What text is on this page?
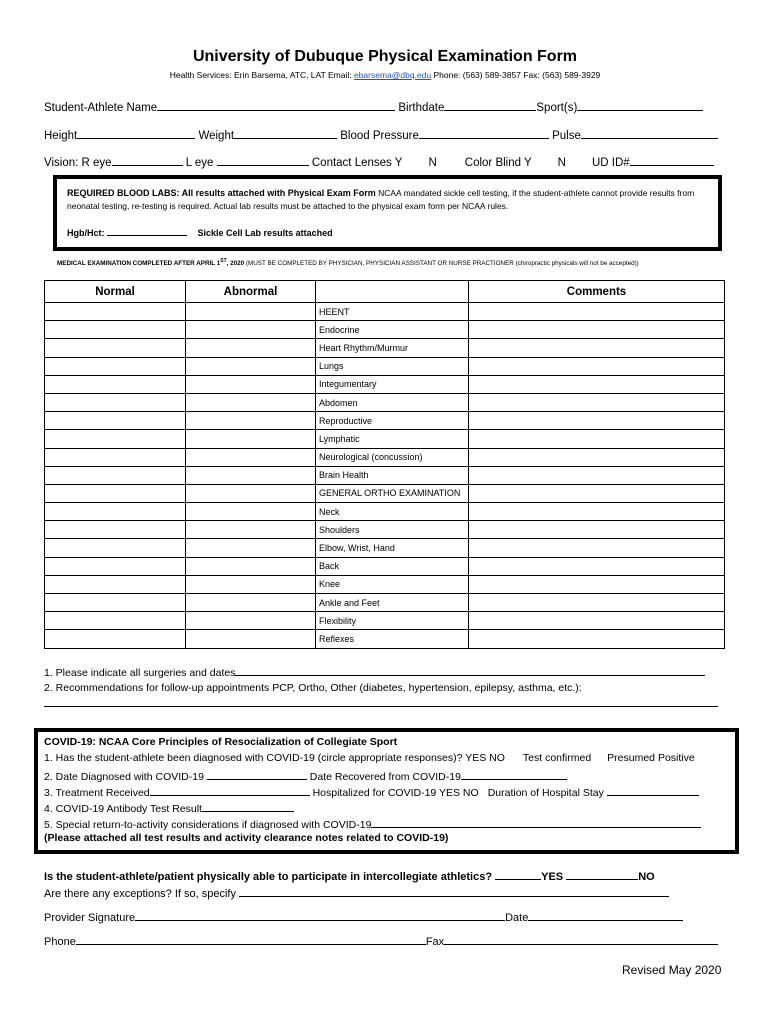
University of Dubuque Physical Examination Form
Health Services: Erin Barsema, ATC, LAT Email: ebarsema@dbq.edu Phone: (563) 589-3857 Fax: (563) 589-3929
Student-Athlete Name	Birthdate	Sport(s)
Height	Weight	Blood Pressure	Pulse
Vision: R eye	L eye	Contact Lenses Y N Color Blind Y N UD ID#
REQUIRED BLOOD LABS: All results attached with Physical Exam Form NCAA mandated sickle cell testing, if the student-athlete cannot provide results from neonatal testing, re-testing is required. Actual lab results must be attached to the physical exam form per NCAA rules.
Hgb/Hct:	Sickle Cell Lab results attached
MEDICAL EXAMINATION COMPLETED AFTER APRIL 1ST, 2020 (MUST BE COMPLETED BY PHYSICIAN, PHYSICIAN ASSISTANT OR NURSE PRACTIONER (chiropractic physicals will not be accepted))
Normal	Abnormal		Comments
		HEENT	
		Endocrine	
		Heart Rhythm/Murmur	
		Lungs	
		Integumentary	
		Abdomen	
		Reproductive	
		Lymphatic	
		Neurological (concussion)	
		Brain Health	
		GENERAL ORTHO EXAMINATION	
		Neck	
		Shoulders	
		Elbow, Wrist, Hand	
		Back	
		Knee	
		Ankle and Feet	
		Flexibility	
		Reflexes	
1. Please indicate all surgeries and dates
2. Recommendations for follow-up appointments PCP, Ortho, Other (diabetes, hypertension, epilepsy, asthma, etc.):
COVID-19: NCAA Core Principles of Resocialization of Collegiate Sport
1. Has the student-athlete been diagnosed with COVID-19 (circle appropriate responses)? YES NO Test confirmed Presumed Positive
2. Date Diagnosed with COVID-19	Date Recovered from COVID-19
3. Treatment Received	Hospitalized for COVID-19 YES NO Duration of Hospital Stay
4. COVID-19 Antibody Test Result
5. Special return-to-activity considerations if diagnosed with COVID-19
(Please attached all test results and activity clearance notes related to COVID-19)
Is the student-athlete/patient physically able to participate in intercollegiate athletics?	YES	NO
Are there any exceptions? If so, specify
Provider Signature	Date
Phone	Fax
Revised May 2020
